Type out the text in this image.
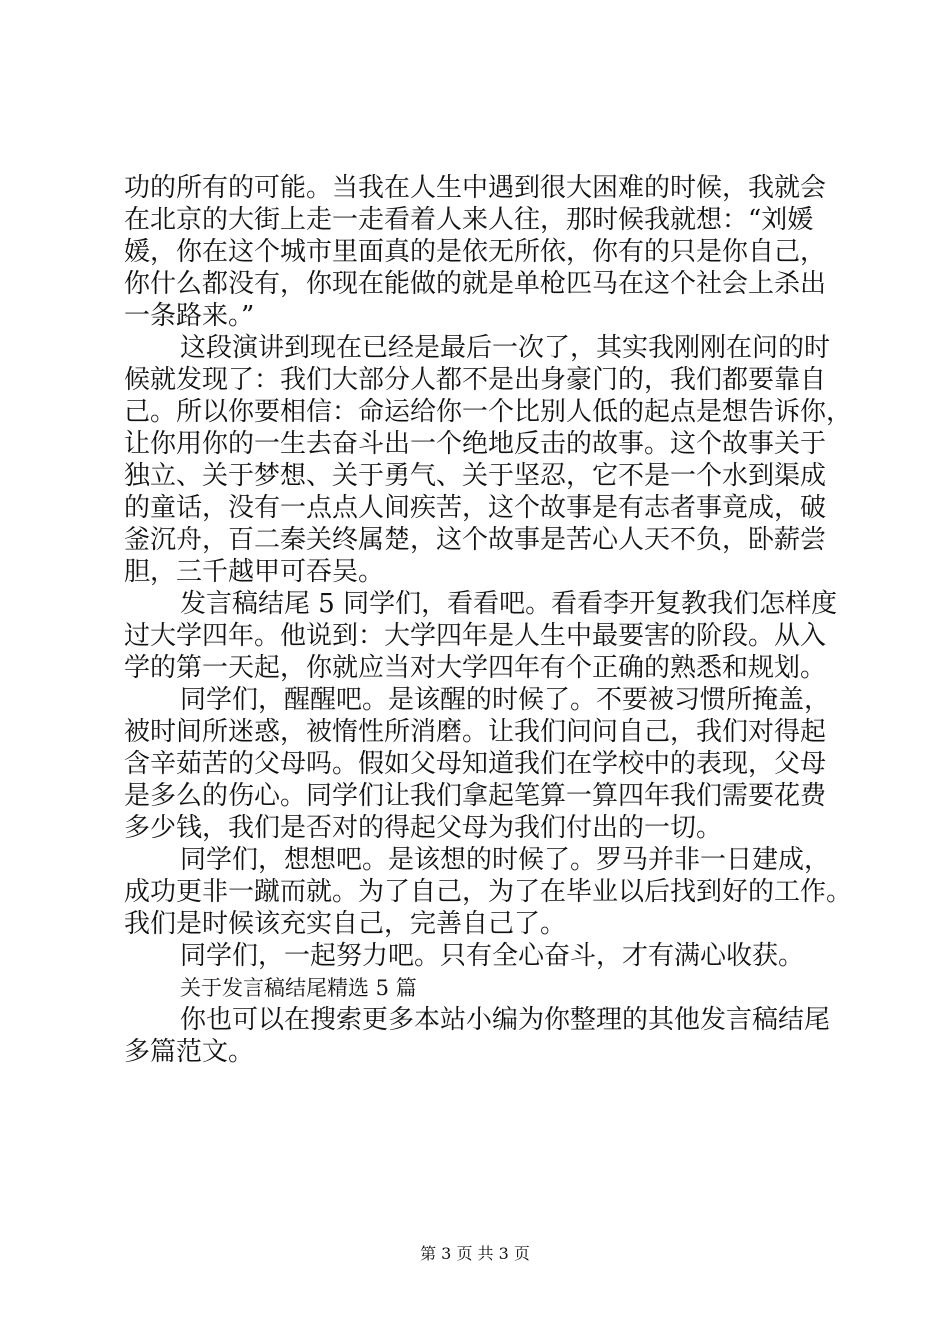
功的所有的可能。当我在人生中遇到很大困难的时候，我就会
在北京的大街上走一走看着人来人往，那时候我就想：“刘媛
媛，你在这个城市里面真的是依无所依，你有的只是你自己，
你什么都没有，你现在能做的就是单枪匹马在这个社会上杀出
一条路来。”
这段演讲到现在已经是最后一次了，其实我刚刚在问的时
候就发现了：我们大部分人都不是出身豪门的，我们都要靠自
己。所以你要相信：命运给你一个比别人低的起点是想告诉你，
让你用你的一生去奋斗出一个绝地反击的故事。这个故事关于
独立、关于梦想、关于勇气、关于坚忍，它不是一个水到渠成
的童话，没有一点点人间疾苦，这个故事是有志者事竟成，破
釜沉舟，百二秦关终属楚，这个故事是苦心人天不负，卧薪尝
胆，三千越甲可吞吴。
发言稿结尾 5 同学们，看看吧。看看李开复教我们怎样度
过大学四年。他说到：大学四年是人生中最要害的阶段。从入
学的第一天起，你就应当对大学四年有个正确的熟悉和规划。
同学们，醒醒吧。是该醒的时候了。不要被习惯所掩盖，
被时间所迷惑，被惰性所消磨。让我们问问自己，我们对得起
含辛茹苦的父母吗。假如父母知道我们在学校中的表现，父母
是多么的伤心。同学们让我们拿起笔算一算四年我们需要花费
多少钱，我们是否对的得起父母为我们付出的一切。
同学们，想想吧。是该想的时候了。罗马并非一日建成，
成功更非一蹴而就。为了自己，为了在毕业以后找到好的工作。
我们是时候该充实自己，完善自己了。
同学们，一起努力吧。只有全心奋斗，才有满心收获。
关于发言稿结尾精选 5 篇
你也可以在搜索更多本站小编为你整理的其他发言稿结尾
多篇范文。
第 3 页 共 3 页
